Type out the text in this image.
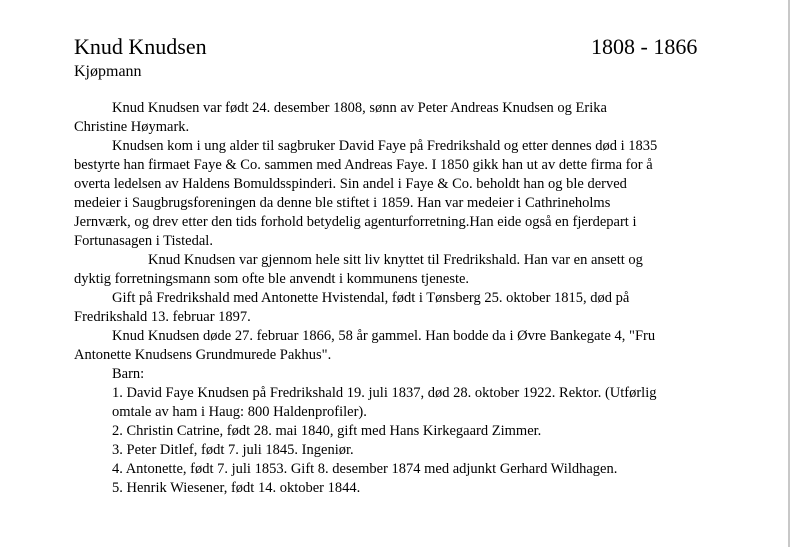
Knud Knudsen	1808 - 1866
Kjøpmann
Knud Knudsen var født 24. desember 1808, sønn av Peter Andreas Knudsen og Erika
Christine Høymark.
Knudsen kom i ung alder til sagbruker David Faye på Fredrikshald og etter dennes død i 1835
bestyrte han firmaet Faye & Co. sammen med Andreas Faye. I 1850 gikk han ut av dette firma for å
overta ledelsen av Haldens Bomuldsspinderi. Sin andel i Faye & Co. beholdt han og ble derved
medeier i Saugbrugsforeningen da denne ble stiftet i 1859. Han var medeier i Cathrineholms
Jernværk, og drev etter den tids forhold betydelig agenturforretning.Han eide også en fjerdepart i
Fortunasagen i Tistedal.
Knud Knudsen var gjennom hele sitt liv knyttet til Fredrikshald. Han var en ansett og
dyktig forretningsmann som ofte ble anvendt i kommunens tjeneste.
Gift på Fredrikshald med Antonette Hvistendal, født i Tønsberg 25. oktober 1815, død på
Fredrikshald 13. februar 1897.
Knud Knudsen døde 27. februar 1866, 58 år gammel. Han bodde da i Øvre Bankegate 4, "Fru
Antonette Knudsens Grundmurede Pakhus".
Barn:
1. David Faye Knudsen på Fredrikshald 19. juli 1837, død 28. oktober 1922. Rektor. (Utførlig
omtale av ham i Haug: 800 Haldenprofiler).
2. Christin Catrine, født 28. mai 1840, gift med Hans Kirkegaard Zimmer.
3. Peter Ditlef, født 7. juli 1845. Ingeniør.
4. Antonette, født 7. juli 1853. Gift 8. desember 1874 med adjunkt Gerhard Wildhagen.
5. Henrik Wiesener, født 14. oktober 1844.
